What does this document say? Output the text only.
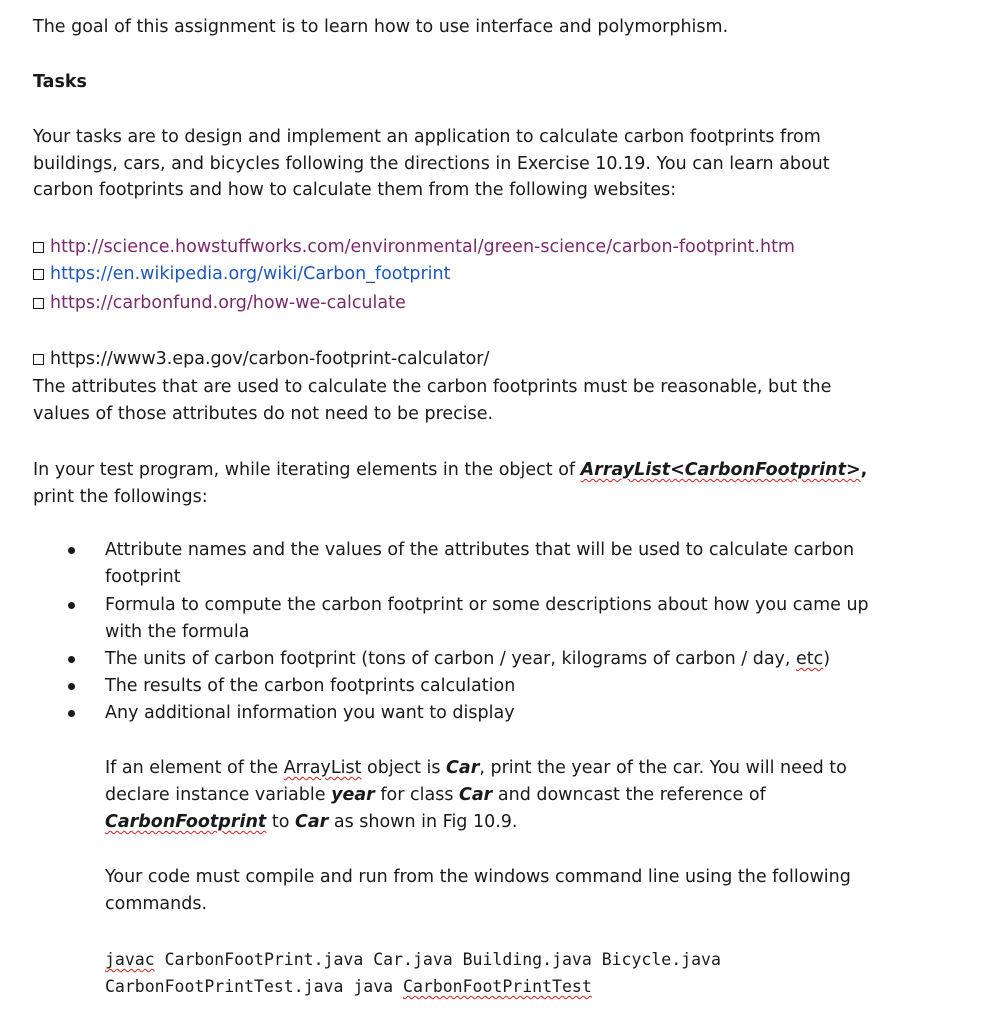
The goal of this assignment is to learn how to use interface and polymorphism.
Tasks
Your tasks are to design and implement an application to calculate carbon footprints from
buildings, cars, and bicycles following the directions in Exercise 10.19. You can learn about
carbon footprints and how to calculate them from the following websites:
http://science.howstuffworks.com/environmental/green-science/carbon-footprint.htm
https://en.wikipedia.org/wiki/Carbon_footprint
https://carbonfund.org/how-we-calculate
https://www3.epa.gov/carbon-footprint-calculator/
The attributes that are used to calculate the carbon footprints must be reasonable, but the
values of those attributes do not need to be precise.
In your test program, while iterating elements in the object of ArrayList<CarbonFootprint>,
print the followings:
Attribute names and the values of the attributes that will be used to calculate carbon
footprint
Formula to compute the carbon footprint or some descriptions about how you came up
with the formula
The units of carbon footprint (tons of carbon / year, kilograms of carbon / day, etc)
The results of the carbon footprints calculation
Any additional information you want to display
If an element of the ArrayList object is Car, print the year of the car. You will need to
declare instance variable year for class Car and downcast the reference of
CarbonFootprint to Car as shown in Fig 10.9.
Your code must compile and run from the windows command line using the following
commands.
javac CarbonFootPrint.java Car.java Building.java Bicycle.java
CarbonFootPrintTest.java java CarbonFootPrintTest
